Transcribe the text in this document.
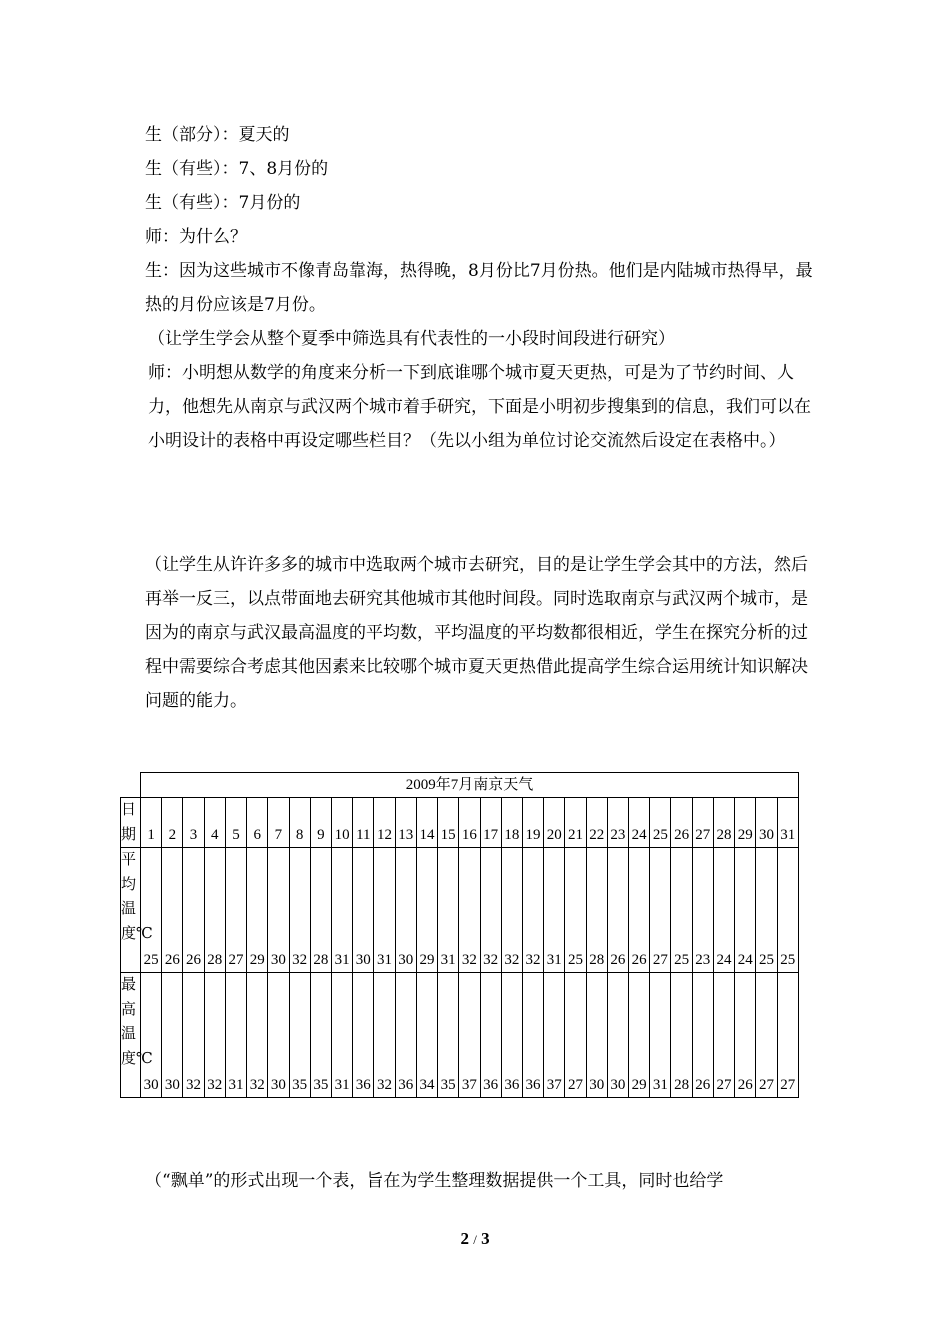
生（部分）：夏天的

生（有些）：7、8月份的

生（有些）：7月份的

师：为什么？

生：因为这些城市不像青岛靠海，热得晚，8月份比7月份热。他们是内陆城市热得早，最热的月份应该是7月份。

（让学生学会从整个夏季中筛选具有代表性的一小段时间段进行研究）

师：小明想从数学的角度来分析一下到底谁哪个城市夏天更热，可是为了节约时间、人力，他想先从南京与武汉两个城市着手研究，下面是小明初步搜集到的信息，我们可以在小明设计的表格中再设定哪些栏目？（先以小组为单位讨论交流然后设定在表格中。）

（让学生从许许多多的城市中选取两个城市去研究，目的是让学生学会其中的方法，然后再举一反三，以点带面地去研究其他城市其他时间段。同时选取南京与武汉两个城市，是因为的南京与武汉最高温度的平均数，平均温度的平均数都很相近，学生在探究分析的过程中需要综合考虑其他因素来比较哪个城市夏天更热借此提高学生综合运用统计知识解决问题的能力。

	2009年7月南京天气																														
日期	1	2	3	4	5	6	7	8	9	10	11	12	13	14	15	16	17	18	19	20	21	22	23	24	25	26	27	28	29	30	31
平均温度℃	25	26	26	28	27	29	30	32	28	31	30	31	30	29	31	32	32	32	32	31	25	28	26	26	27	25	23	24	24	25	25
最高温度℃	30	30	32	32	31	32	30	35	35	31	36	32	36	34	35	37	36	36	36	37	27	30	30	29	31	28	26	27	26	27	27

（“飘单”的形式出现一个表，旨在为学生整理数据提供一个工具，同时也给学

2 / 3
